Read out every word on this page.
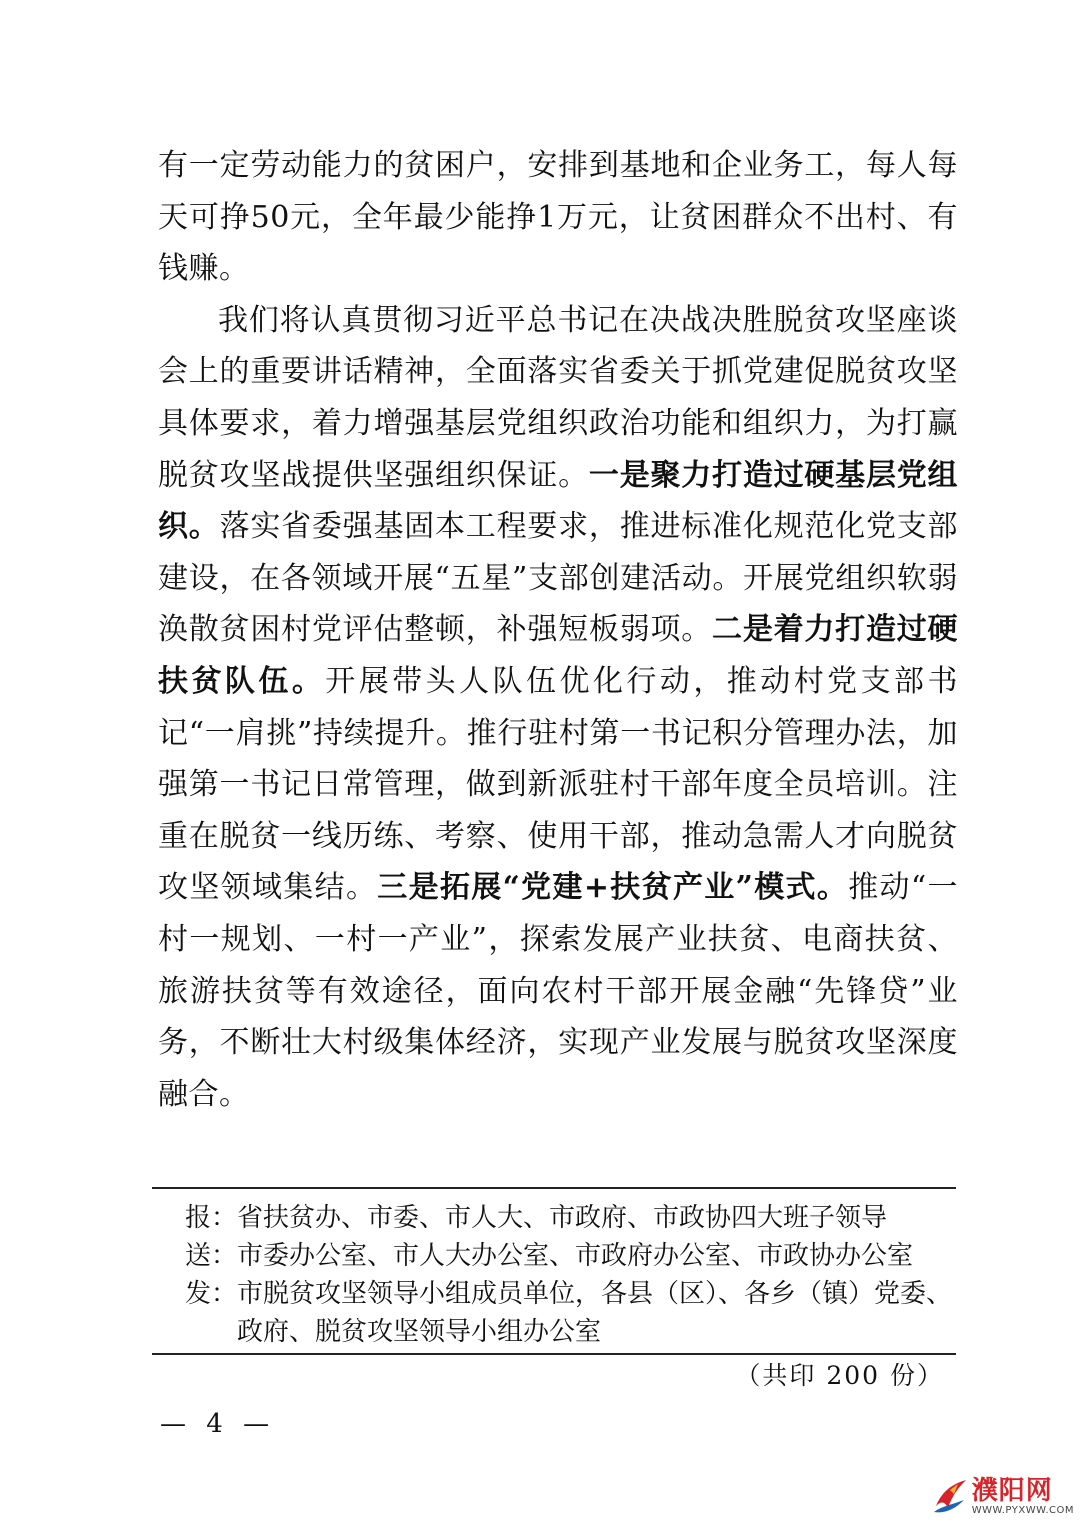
有一定劳动能力的贫困户，安排到基地和企业务工，每人每天可挣50元，全年最少能挣1万元，让贫困群众不出村、有钱赚。

我们将认真贯彻习近平总书记在决战决胜脱贫攻坚座谈会上的重要讲话精神，全面落实省委关于抓党建促脱贫攻坚具体要求，着力增强基层党组织政治功能和组织力，为打赢脱贫攻坚战提供坚强组织保证。一是聚力打造过硬基层党组织。落实省委强基固本工程要求，推进标准化规范化党支部建设，在各领域开展“五星”支部创建活动。开展党组织软弱涣散贫困村党评估整顿，补强短板弱项。二是着力打造过硬扶贫队伍。开展带头人队伍优化行动，推动村党支部书记“一肩挑”持续提升。推行驻村第一书记积分管理办法，加强第一书记日常管理，做到新派驻村干部年度全员培训。注重在脱贫一线历练、考察、使用干部，推动急需人才向脱贫攻坚领域集结。三是拓展“党建+扶贫产业”模式。推动“一村一规划、一村一产业”，探索发展产业扶贫、电商扶贫、旅游扶贫等有效途径，面向农村干部开展金融“先锋贷”业务，不断壮大村级集体经济，实现产业发展与脱贫攻坚深度融合。

报：省扶贫办、市委、市人大、市政府、市政协四大班子领导
送：市委办公室、市人大办公室、市政府办公室、市政协办公室
发：市脱贫攻坚领导小组成员单位，各县（区）、各乡（镇）党委、
政府、脱贫攻坚领导小组办公室
（共印 200 份）
— 4 —
濮阳网
WWW.PYXWW.COM
